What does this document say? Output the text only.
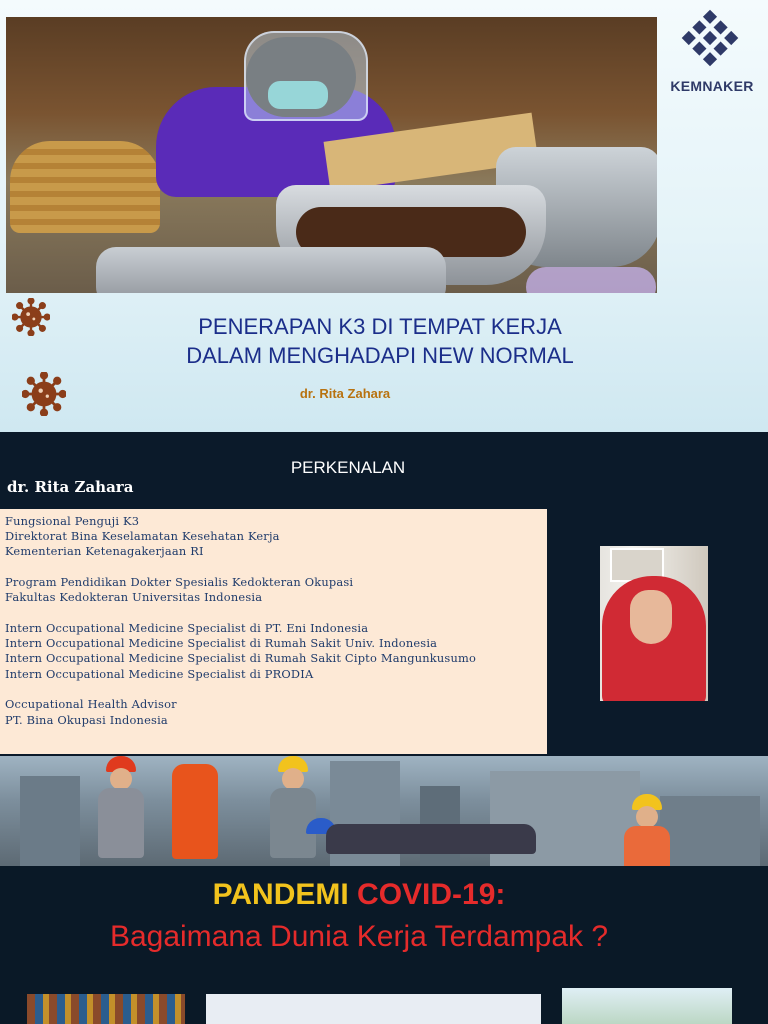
KEMNAKER
PENERAPAN K3 DI TEMPAT KERJA
DALAM MENGHADAPI NEW NORMAL
dr. Rita Zahara
PERKENALAN
dr. Rita Zahara
Fungsional Penguji K3
Direktorat Bina Keselamatan Kesehatan Kerja
Kementerian Ketenagakerjaan RI
Program Pendidikan Dokter Spesialis Kedokteran Okupasi
Fakultas Kedokteran Universitas Indonesia
Intern Occupational Medicine Specialist di PT. Eni Indonesia
Intern Occupational Medicine Specialist di Rumah Sakit Univ. Indonesia
Intern Occupational Medicine Specialist di Rumah Sakit Cipto Mangunkusumo
Intern Occupational Medicine Specialist di PRODIA
Occupational Health Advisor
PT. Bina Okupasi Indonesia
PANDEMI COVID-19:
Bagaimana Dunia Kerja Terdampak ?
